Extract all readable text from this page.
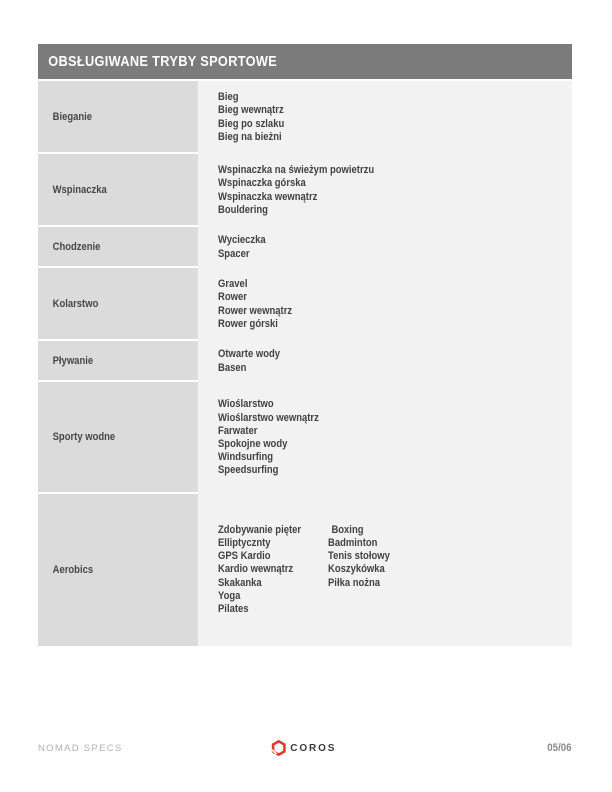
OBSŁUGIWANE TRYBY SPORTOWE
Bieganie
Bieg
Bieg wewnątrz
Bieg po szlaku
Bieg na bieżni
Wspinaczka
Wspinaczka na świeżym powietrzu
Wspinaczka górska
Wspinaczka wewnątrz
Bouldering
Chodzenie
Wycieczka
Spacer
Kolarstwo
Gravel
Rower
Rower wewnątrz
Rower górski
Pływanie
Otwarte wody
Basen
Sporty wodne
Wioślarstwo
Wioślarstwo wewnątrz
Farwater
Spokojne wody
Windsurfing
Speedsurfing
Aerobics
Zdobywanie pięter
Elliptycznty
GPS Kardio
Kardio wewnątrz
Skakanka
Yoga
Pilates
Boxing
Badminton
Tenis stołowy
Koszykówka
Piłka nożna
NOMAD SPECS	COROS	05/06
